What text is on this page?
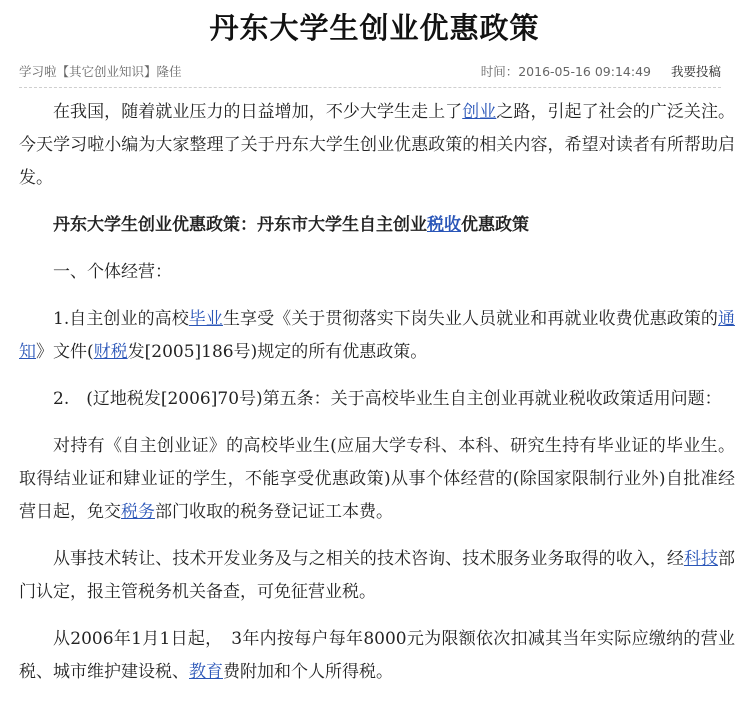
丹东大学生创业优惠政策
学习啦【其它创业知识】隆佳	时间：2016-05-16 09:14:49 我要投稿

在我国，随着就业压力的日益增加，不少大学生走上了创业之路，引起了社会的广泛关注。今天学习啦小编为大家整理了关于丹东大学生创业优惠政策的相关内容，希望对读者有所帮助启发。

丹东大学生创业优惠政策：丹东市大学生自主创业税收优惠政策

一、个体经营：

1.自主创业的高校毕业生享受《关于贯彻落实下岗失业人员就业和再就业收费优惠政策的通知》文件(财税发[2005]186号)规定的所有优惠政策。

2.　(辽地税发[2006]70号)第五条：关于高校毕业生自主创业再就业税收政策适用问题：

对持有《自主创业证》的高校毕业生(应届大学专科、本科、研究生持有毕业证的毕业生。取得结业证和肄业证的学生，不能享受优惠政策)从事个体经营的(除国家限制行业外)自批准经营日起，免交税务部门收取的税务登记证工本费。

从事技术转让、技术开发业务及与之相关的技术咨询、技术服务业务取得的收入，经科技部门认定，报主管税务机关备查，可免征营业税。

从2006年1月1日起，　3年内按每户每年8000元为限额依次扣减其当年实际应缴纳的营业税、城市维护建设税、教育费附加和个人所得税。
